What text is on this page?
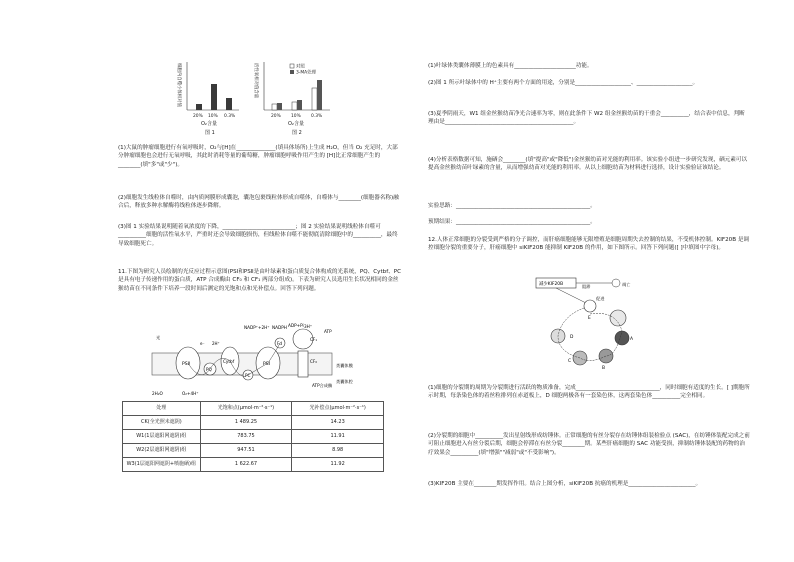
细胞内自噬小体相对值
20% 10% 0.3%

O₂含量

图 1

活性氧相对值含量	对照
3-MA处理
20% 10% 0.3%

O₂含量

图 2

(1)大鼠的肿瘤细胞进行有氧呼吸时，O₂与[H]在______________(填具体场所)上生成 H₂O，但当 O₂ 充足时，大部分肿瘤细胞也会进行无氧呼吸，其此时消耗等量的葡萄糖，肿瘤细胞呼吸作用产生的 [H]比正常细胞产生的________(填"多"或"少")。

(2)细胞发生线粒体自噬时，由内质网膜形成囊泡，囊泡包裹线粒体形成自噬体，自噬体与________(细胞器名称)融合后，释放多种水解酶将线粒体逐步降解。

(3)图 1 实验结果说明随着氧浓度的下降，__________________________；图 2 实验结果说明线粒体自噬可__________细胞的活性氧水平，严重时还会导致细胞损伤，但线粒体自噬不能彻底清除细胞中的__________，最终导致细胞死亡。

11.下图为研究人员绘制的光反应过程示意图(PSⅠ和PSⅡ是由叶绿素和蛋白质复合体构成的光系统，PQ、Cytbf、PC 是具有电子传递作用的蛋白质，ATP 合成酶由 CF₀ 和 CF₁ 两部分组成)。下表为研究人员选用生长状况相同的金丝猴幼苗在不同条件下培养一段时间后测定的光饱和点和光补偿点。回答下列问题。

PSⅡ
PQ
Cytbf
PC
PSⅠ
Fd
CF₁
CF₀
ATP合成酶
NADP⁺+2H⁺ NADPH ADP+Pi
ATP
3H⁺
类囊体膜
类囊体腔
光
2H₂O	O₂+4H⁺
e⁻ 2H⁺
处理	光饱和点(μmol·m⁻²·s⁻¹)	光补偿点(μmol·m⁻²·s⁻¹)
CK(全光照未遮阴)	1 489.25	14.23
W1(1层遮阳网遮阴)组	783.75	11.91
W2(2层遮阳网遮阴)组	947.51	8.98
W3(1层遮阳网遮阴+喷施硒)组	1 622.67	11.92

(1)叶绿体类囊体薄膜上的色素具有______________________功能。

(2)图 1 所示叶绿体中的 H⁺主要有两个方面的用途，分别是____________________、____________________。

(3)夏季阴雨天，W1 组金丝猴幼苗净光合速率为零，则在此条件下 W2 组金丝猴幼苗的干重会__________，结合表中信息，判断理由是______________________________________________。

(4)分析表格数据可知，施硒会________(填"提高"或"降低")金丝猴幼苗对光能的利用率。该实验小组进一步研究发现，硒元素可以提高金丝猴幼苗叶绿素的含量，从而增强幼苗对光能的利用率。从以上细胞幼苗为材料进行选择，设计实验验证该结论。

实验思路：________________________________________________。

预期结果：________________________________________________。

12.人体正常细胞的分裂受到严格的分子调控，而肝癌细胞能够无限增殖是细胞周期失去控制的结果，不受机体控制。KIF20B 是调控细胞分裂的重要分子，肝癌细胞中 siKIF20B 能抑制 KIF20B 的作用，如下图所示。回答下列问题([ ]中填图中字母)。

减少KIF20B	阻滞
促进
凋亡
E
A
B
C
D

(1)细胞的分裂期的周期为分裂期进行活跃的物质准备，完成______________________________，同时细胞有适度的生长。[ ]期胞所示时期，每条染色体的着丝粒排列在赤道板上，D 细胞两极各有一套染色体，这两套染色体__________完全相同。

(2)分裂期的细胞中__________发出星射线形成纺锤体。正常细胞的有丝分裂存在纺锤体组装检验点 (SAC)，在纺锤体装配完成之前可阻止细胞进入有丝分裂后期，细胞会停滞在有丝分裂________期。某些肝癌细胞的 SAC 功能受损，抑制纺锤体装配的药物的治疗效果会__________(填"增强""减弱"或"不受影响")。

(3)KIF20B 主要在________期发挥作用。结合上图分析，siKIF20B 抗癌的机理是________________________。
